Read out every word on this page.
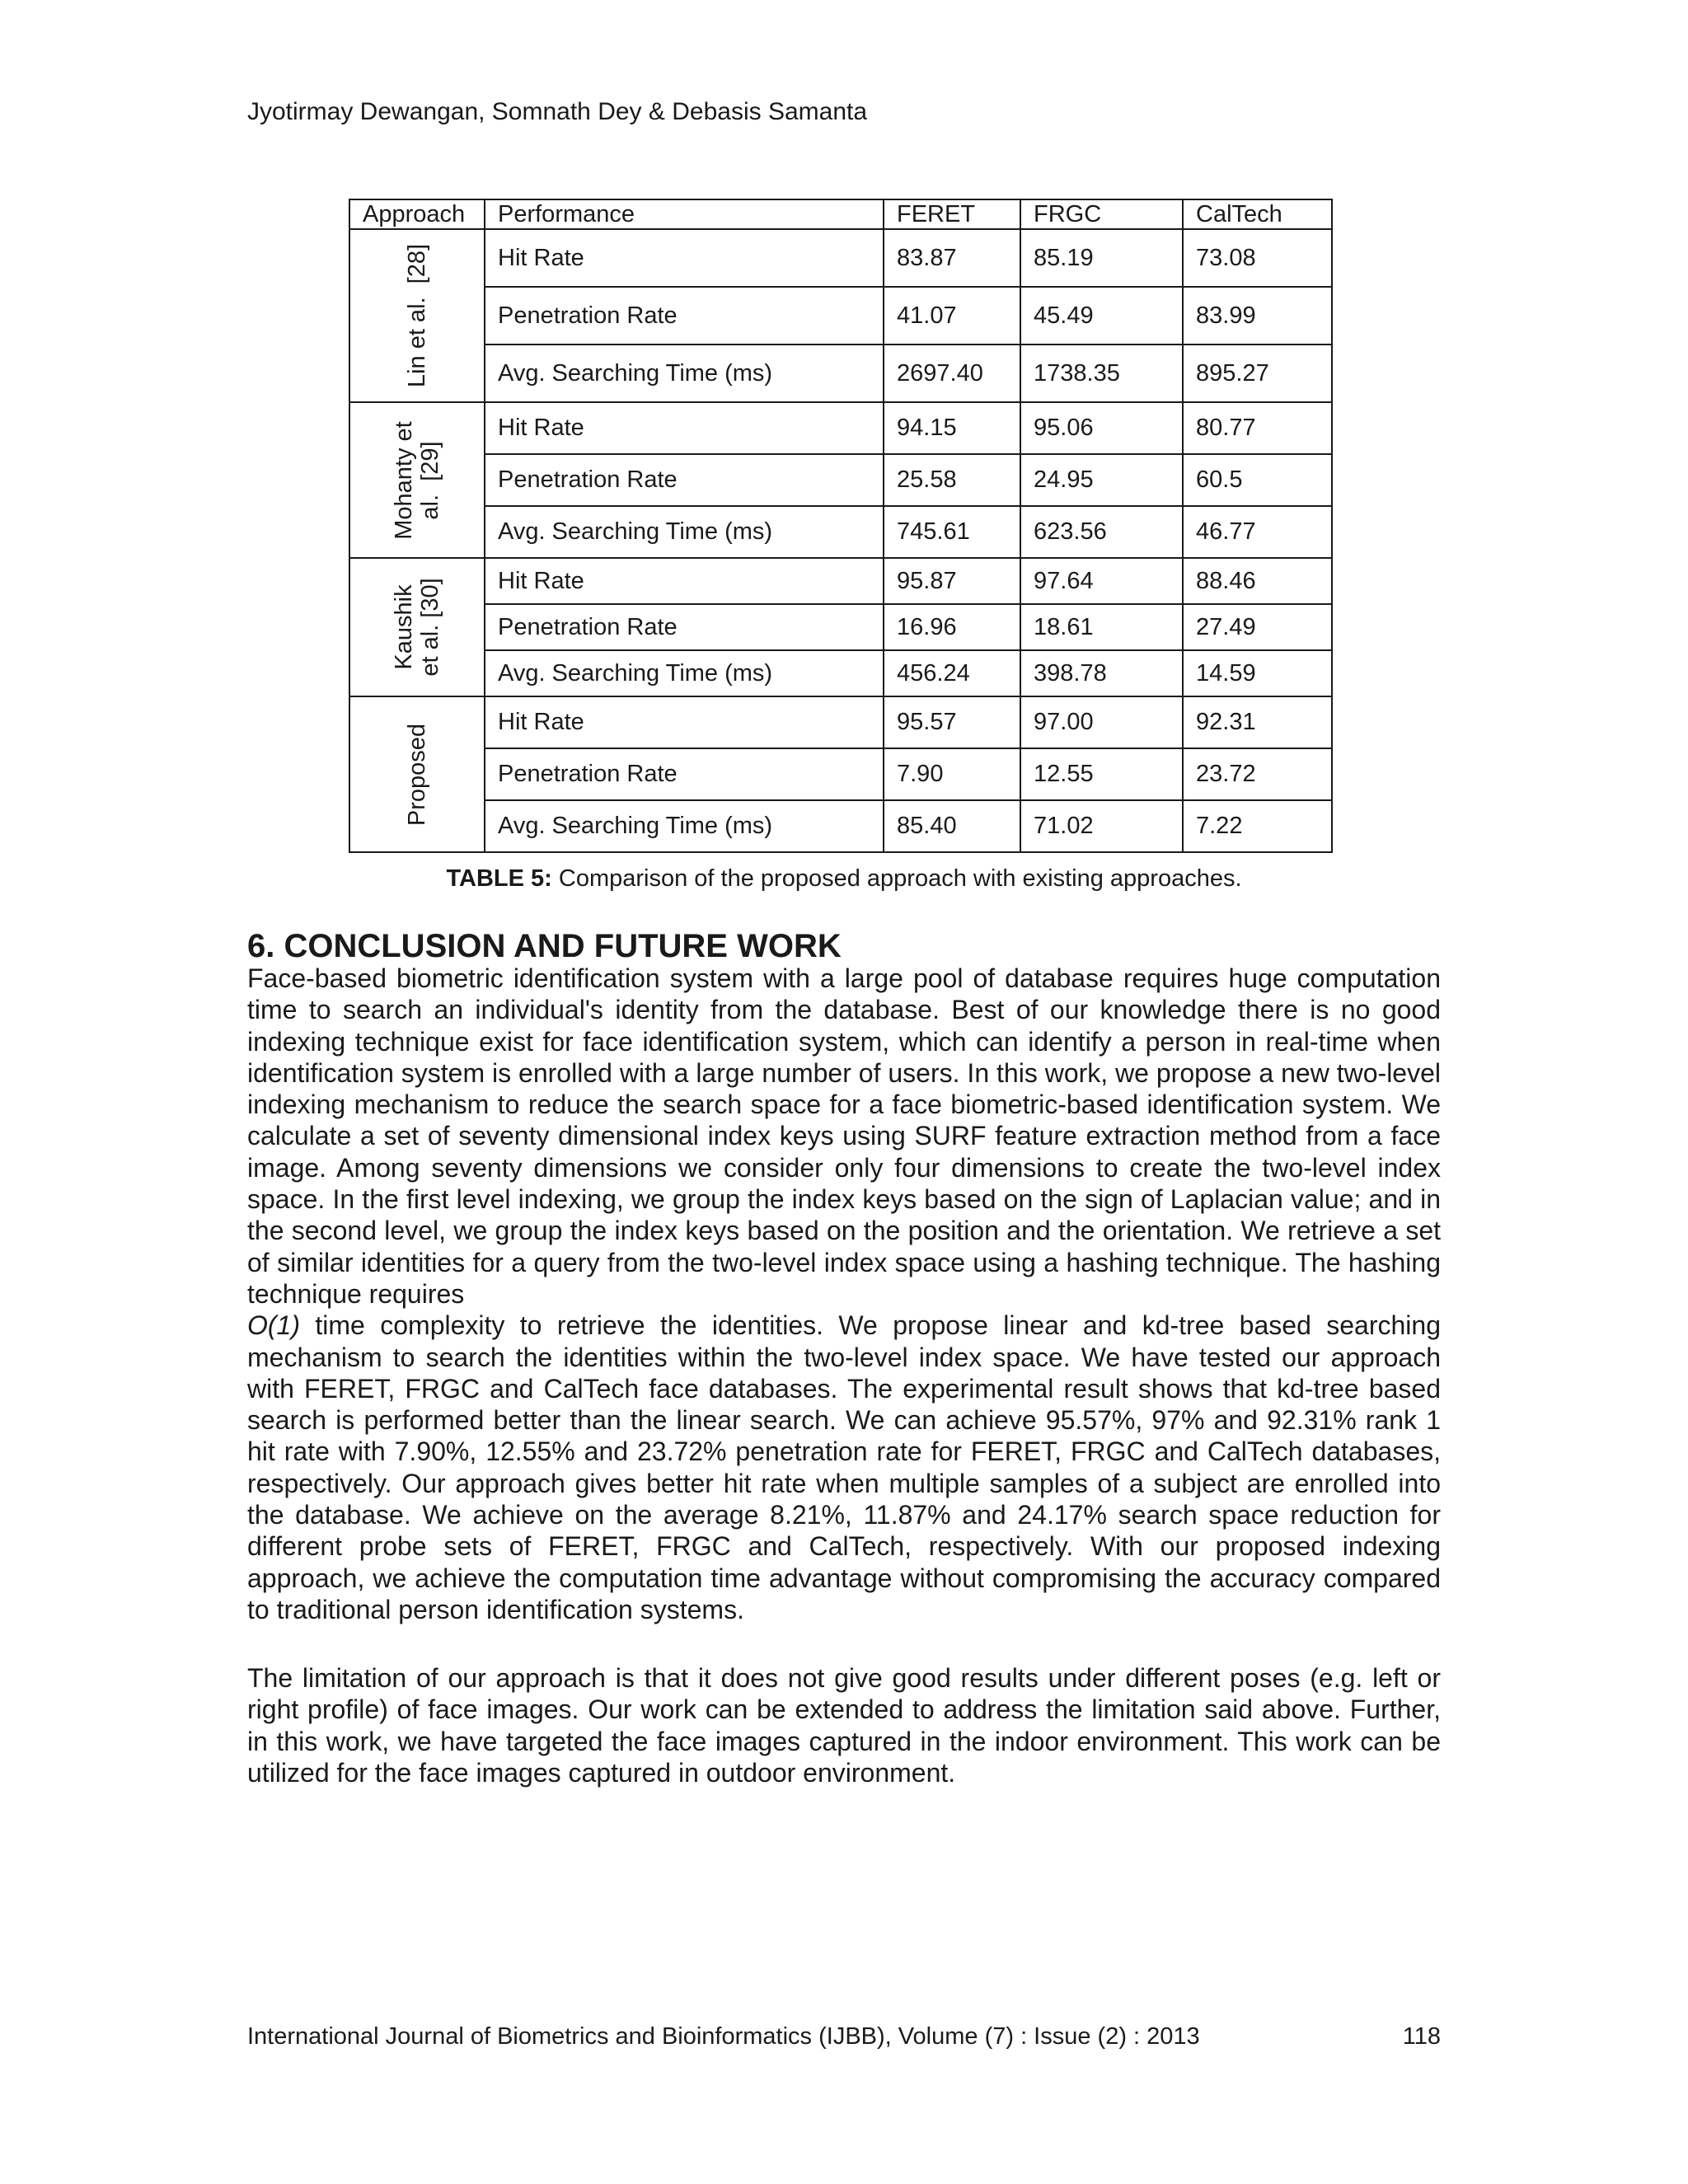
Jyotirmay Dewangan, Somnath Dey & Debasis Samanta
Approach	Performance	FERET	FRGC	CalTech

Lin et al.  [28]	Hit Rate	83.87	85.19	73.08
	Penetration Rate	41.07	45.49	83.99
	Avg. Searching Time (ms)	2697.40	1738.35	895.27

Mohanty et
al.  [29]	Hit Rate	94.15	95.06	80.77
	Penetration Rate	25.58	24.95	60.5
	Avg. Searching Time (ms)	745.61	623.56	46.77

Kaushik
et al. [30]	Hit Rate	95.87	97.64	88.46
	Penetration Rate	16.96	18.61	27.49
	Avg. Searching Time (ms)	456.24	398.78	14.59

Proposed	Hit Rate	95.57	97.00	92.31
	Penetration Rate	7.90	12.55	23.72
	Avg. Searching Time (ms)	85.40	71.02	7.22
TABLE 5: Comparison of the proposed approach with existing approaches.
6. CONCLUSION AND FUTURE WORK

Face-based biometric identification system with a large pool of database requires huge computation time to search an individual's identity from the database. Best of our knowledge there is no good indexing technique exist for face identification system, which can identify a person in real-time when identification system is enrolled with a large number of users. In this work, we propose a new two-level indexing mechanism to reduce the search space for a face biometric-based identification system. We calculate a set of seventy dimensional index keys using SURF feature extraction method from a face image. Among seventy dimensions we consider only four dimensions to create the two-level index space. In the first level indexing, we group the index keys based on the sign of Laplacian value; and in the second level, we group the index keys based on the position and the orientation. We retrieve a set of similar identities for a query from the two-level index space using a hashing technique. The hashing technique requires
O(1) time complexity to retrieve the identities. We propose linear and kd-tree based searching mechanism to search the identities within the two-level index space. We have tested our approach with FERET, FRGC and CalTech face databases. The experimental result shows that kd-tree based search is performed better than the linear search. We can achieve 95.57%, 97% and 92.31% rank 1 hit rate with 7.90%, 12.55% and 23.72% penetration rate for FERET, FRGC and CalTech databases, respectively. Our approach gives better hit rate when multiple samples of a subject are enrolled into the database. We achieve on the average 8.21%, 11.87% and 24.17% search space reduction for different probe sets of FERET, FRGC and CalTech, respectively. With our proposed indexing approach, we achieve the computation time advantage without compromising the accuracy compared to traditional person identification systems.

The limitation of our approach is that it does not give good results under different poses (e.g. left or right profile) of face images. Our work can be extended to address the limitation said above. Further, in this work, we have targeted the face images captured in the indoor environment. This work can be utilized for the face images captured in outdoor environment.

International Journal of Biometrics and Bioinformatics (IJBB), Volume (7) : Issue (2) : 2013	118
